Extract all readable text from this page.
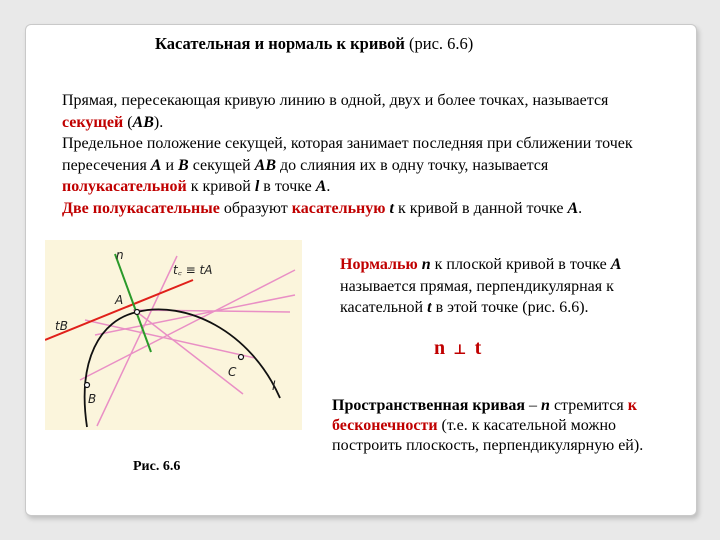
Касательная и нормаль к кривой (рис. 6.6)

Прямая, пересекающая кривую линию в одной, двух и более точках, называется
секущей (АВ).

Предельное положение секущей, которая занимает последняя при сближении точек пересечения А и В секущей АВ до слияния их в одну точку, называется
полукасательной к кривой l в точке А.

Две полукасательные образуют касательную t к кривой в данной точке А.

n
t꜀ ≡ tA
A
tB
C
l
B
Рис. 6.6
Нормалью n к плоской кривой в точке А называется прямая, перпендикулярная к касательной t в этой точке (рис. 6.6).
n ⊥ t
Пространственная кривая – n стремится к бесконечности (т.е. к касательной можно построить плоскость, перпендикулярную ей).
